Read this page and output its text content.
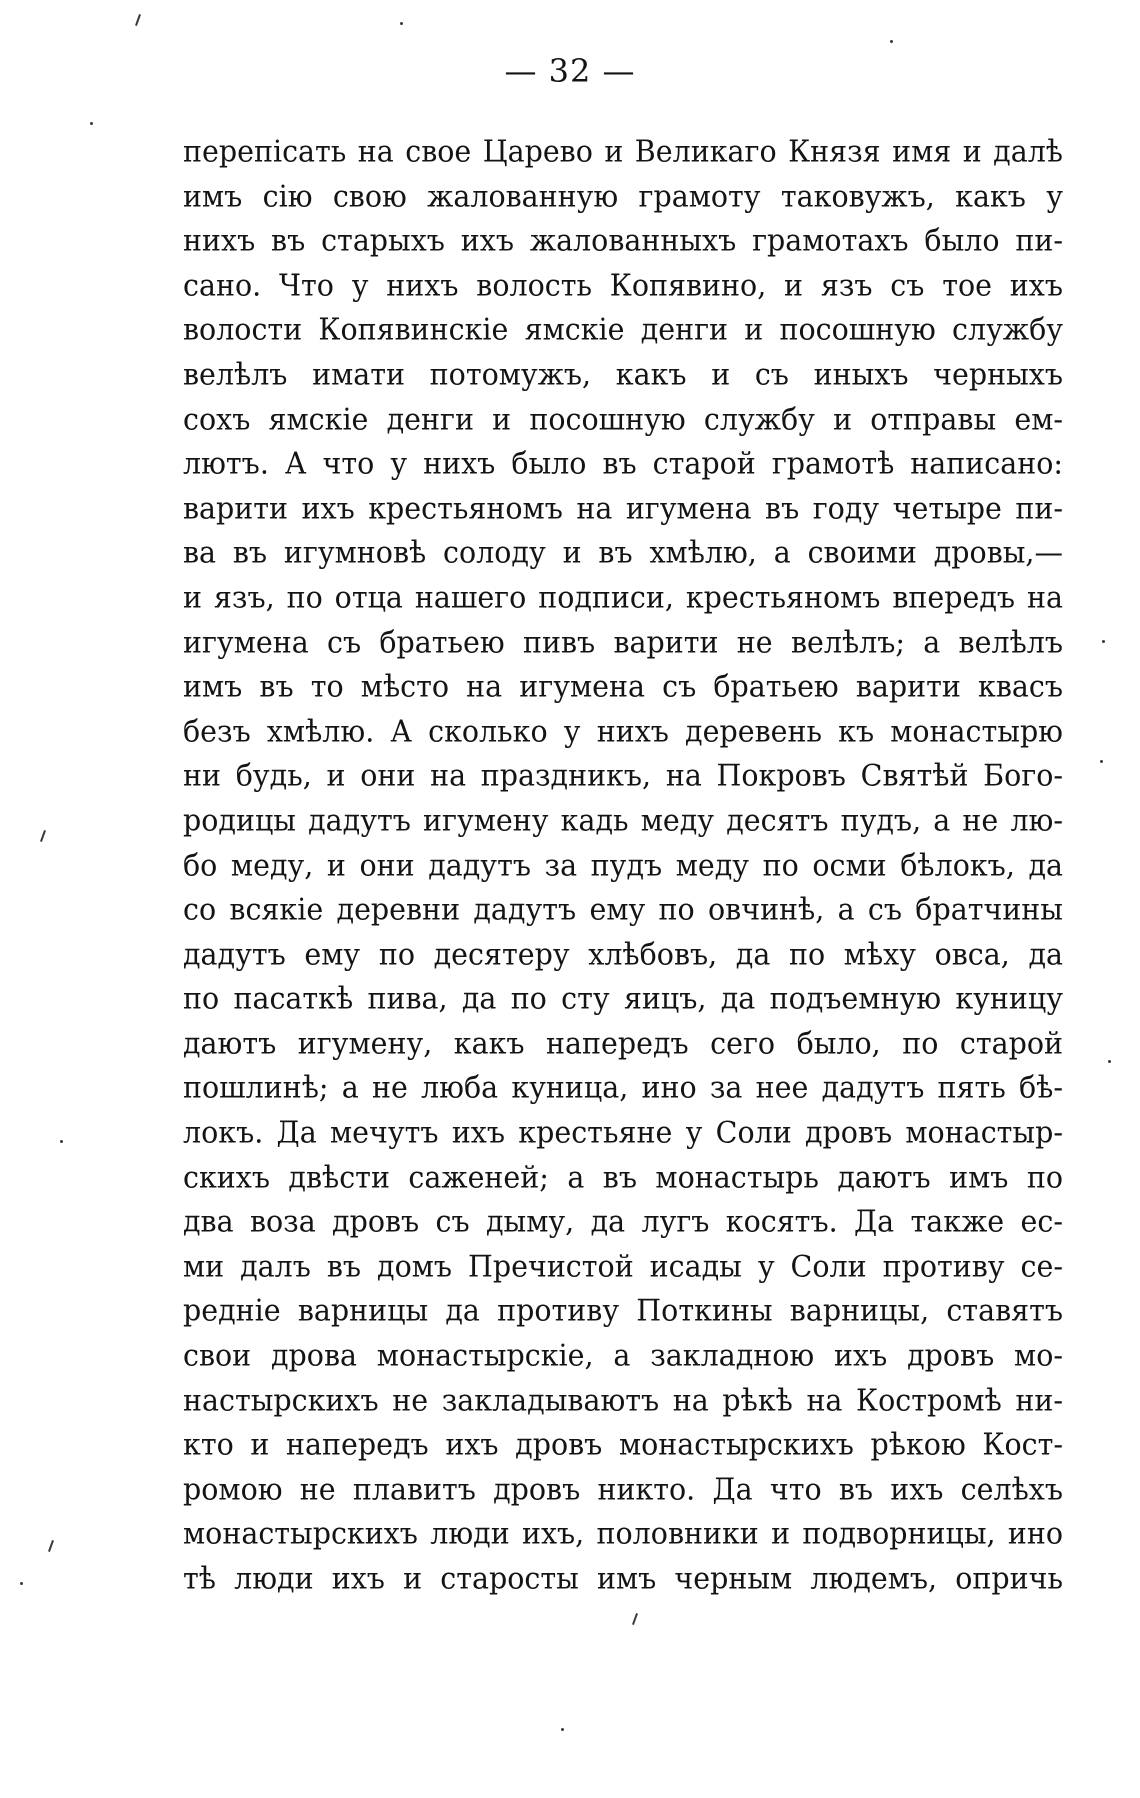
— 32 —
перепісать на свое Царево и Великаго Князя имя и далѣ
имъ сію свою жалованную грамоту таковужъ, какъ у
нихъ въ старыхъ ихъ жалованныхъ грамотахъ было пи-
сано. Что у нихъ волость Копявино, и язъ съ тое ихъ
волости Копявинскіе ямскіе денги и посошную службу
велѣлъ имати потомужъ, какъ и съ иныхъ черныхъ
сохъ ямскіе денги и посошную службу и отправы ем-
лютъ. А что у нихъ было въ старой грамотѣ написано:
варити ихъ крестьяномъ на игумена въ году четыре пи-
ва въ игумновѣ солоду и въ хмѣлю, а своими дровы,—
и язъ, по отца нашего подписи, крестьяномъ впередъ на
игумена съ братьею пивъ варити не велѣлъ; а велѣлъ
имъ въ то мѣсто на игумена съ братьею варити квасъ
безъ хмѣлю. А сколько у нихъ деревень къ монастырю
ни будь, и они на праздникъ, на Покровъ Святѣй Бого-
родицы дадутъ игумену кадь меду десятъ пудъ, а не лю-
бо меду, и они дадутъ за пудъ меду по осми бѣлокъ, да
со всякіе деревни дадутъ ему по овчинѣ, а съ братчины
дадутъ ему по десятеру хлѣбовъ, да по мѣху овса, да
по пасаткѣ пива, да по сту яицъ, да подъемную куницу
даютъ игумену, какъ напередъ сего было, по старой
пошлинѣ; а не люба куница, ино за нее дадутъ пять бѣ-
локъ. Да мечутъ ихъ крестьяне у Соли дровъ монастыр-
скихъ двѣсти саженей; а въ монастырь даютъ имъ по
два воза дровъ съ дыму, да лугъ косятъ. Да также ес-
ми далъ въ домъ Пречистой исады у Соли противу се-
редніе варницы да противу Поткины варницы, ставятъ
свои дрова монастырскіе, а закладною ихъ дровъ мо-
настырскихъ не закладываютъ на рѣкѣ на Костромѣ ни-
кто и напередъ ихъ дровъ монастырскихъ рѣкою Кост-
ромою не плавитъ дровъ никто. Да что въ ихъ селѣхъ
монастырскихъ люди ихъ, половники и подворницы, ино
тѣ люди ихъ и старосты имъ черным людемъ, опричь
